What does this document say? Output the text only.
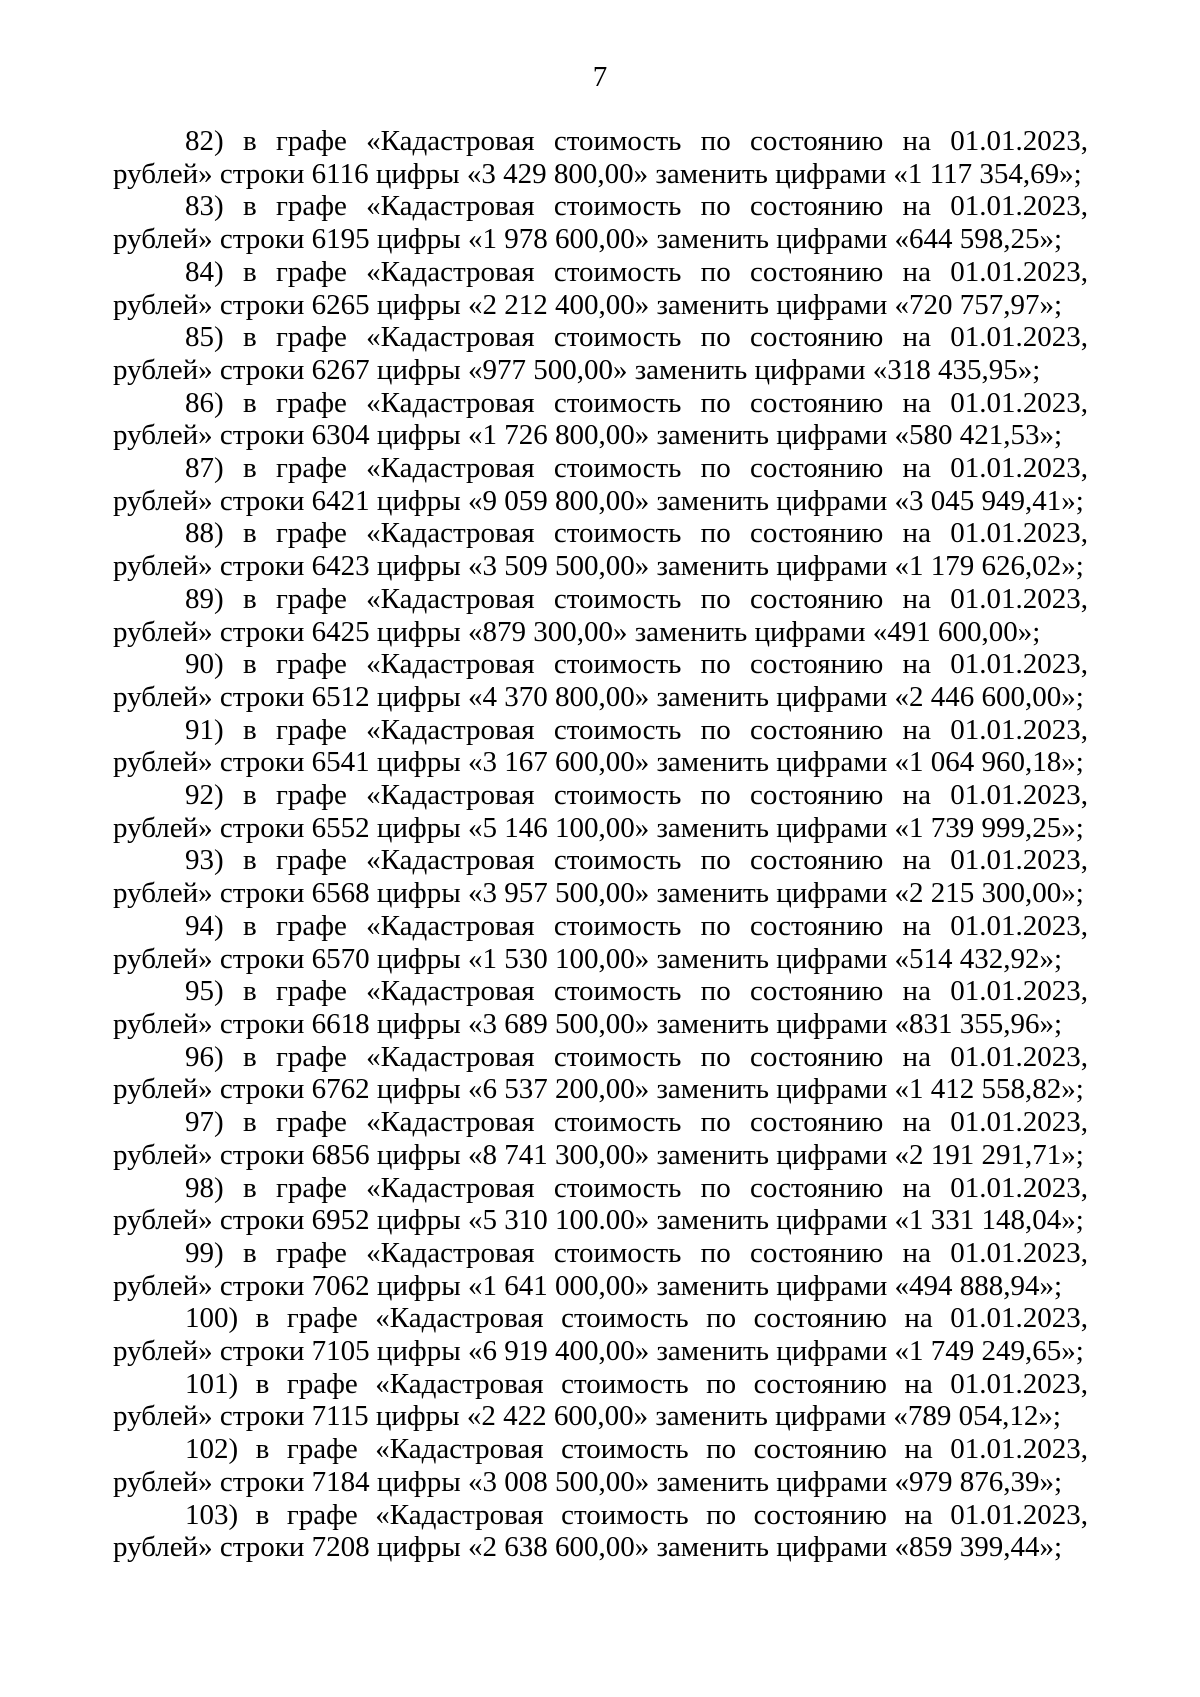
7

82) в графе «Кадастровая стоимость по состоянию на 01.01.2023, рублей» строки 6116 цифры «3 429 800,00» заменить цифрами «1 117 354,69»;

83) в графе «Кадастровая стоимость по состоянию на 01.01.2023, рублей» строки 6195 цифры «1 978 600,00» заменить цифрами «644 598,25»;

84) в графе «Кадастровая стоимость по состоянию на 01.01.2023, рублей» строки 6265 цифры «2 212 400,00» заменить цифрами «720 757,97»;

85) в графе «Кадастровая стоимость по состоянию на 01.01.2023, рублей» строки 6267 цифры «977 500,00» заменить цифрами «318 435,95»;

86) в графе «Кадастровая стоимость по состоянию на 01.01.2023, рублей» строки 6304 цифры «1 726 800,00» заменить цифрами «580 421,53»;

87) в графе «Кадастровая стоимость по состоянию на 01.01.2023, рублей» строки 6421 цифры «9 059 800,00» заменить цифрами «3 045 949,41»;

88) в графе «Кадастровая стоимость по состоянию на 01.01.2023, рублей» строки 6423 цифры «3 509 500,00» заменить цифрами «1 179 626,02»;

89) в графе «Кадастровая стоимость по состоянию на 01.01.2023, рублей» строки 6425 цифры «879 300,00» заменить цифрами «491 600,00»;

90) в графе «Кадастровая стоимость по состоянию на 01.01.2023, рублей» строки 6512 цифры «4 370 800,00» заменить цифрами «2 446 600,00»;

91) в графе «Кадастровая стоимость по состоянию на 01.01.2023, рублей» строки 6541 цифры «3 167 600,00» заменить цифрами «1 064 960,18»;

92) в графе «Кадастровая стоимость по состоянию на 01.01.2023, рублей» строки 6552 цифры «5 146 100,00» заменить цифрами «1 739 999,25»;

93) в графе «Кадастровая стоимость по состоянию на 01.01.2023, рублей» строки 6568 цифры «3 957 500,00» заменить цифрами «2 215 300,00»;

94) в графе «Кадастровая стоимость по состоянию на 01.01.2023, рублей» строки 6570 цифры «1 530 100,00» заменить цифрами «514 432,92»;

95) в графе «Кадастровая стоимость по состоянию на 01.01.2023, рублей» строки 6618 цифры «3 689 500,00» заменить цифрами «831 355,96»;

96) в графе «Кадастровая стоимость по состоянию на 01.01.2023, рублей» строки 6762 цифры «6 537 200,00» заменить цифрами «1 412 558,82»;

97) в графе «Кадастровая стоимость по состоянию на 01.01.2023, рублей» строки 6856 цифры «8 741 300,00» заменить цифрами «2 191 291,71»;

98) в графе «Кадастровая стоимость по состоянию на 01.01.2023, рублей» строки 6952 цифры «5 310 100.00» заменить цифрами «1 331 148,04»;

99) в графе «Кадастровая стоимость по состоянию на 01.01.2023, рублей» строки 7062 цифры «1 641 000,00» заменить цифрами «494 888,94»;

100) в графе «Кадастровая стоимость по состоянию на 01.01.2023, рублей» строки 7105 цифры «6 919 400,00» заменить цифрами «1 749 249,65»;

101) в графе «Кадастровая стоимость по состоянию на 01.01.2023, рублей» строки 7115 цифры «2 422 600,00» заменить цифрами «789 054,12»;

102) в графе «Кадастровая стоимость по состоянию на 01.01.2023, рублей» строки 7184 цифры «3 008 500,00» заменить цифрами «979 876,39»;

103) в графе «Кадастровая стоимость по состоянию на 01.01.2023, рублей» строки 7208 цифры «2 638 600,00» заменить цифрами «859 399,44»;
